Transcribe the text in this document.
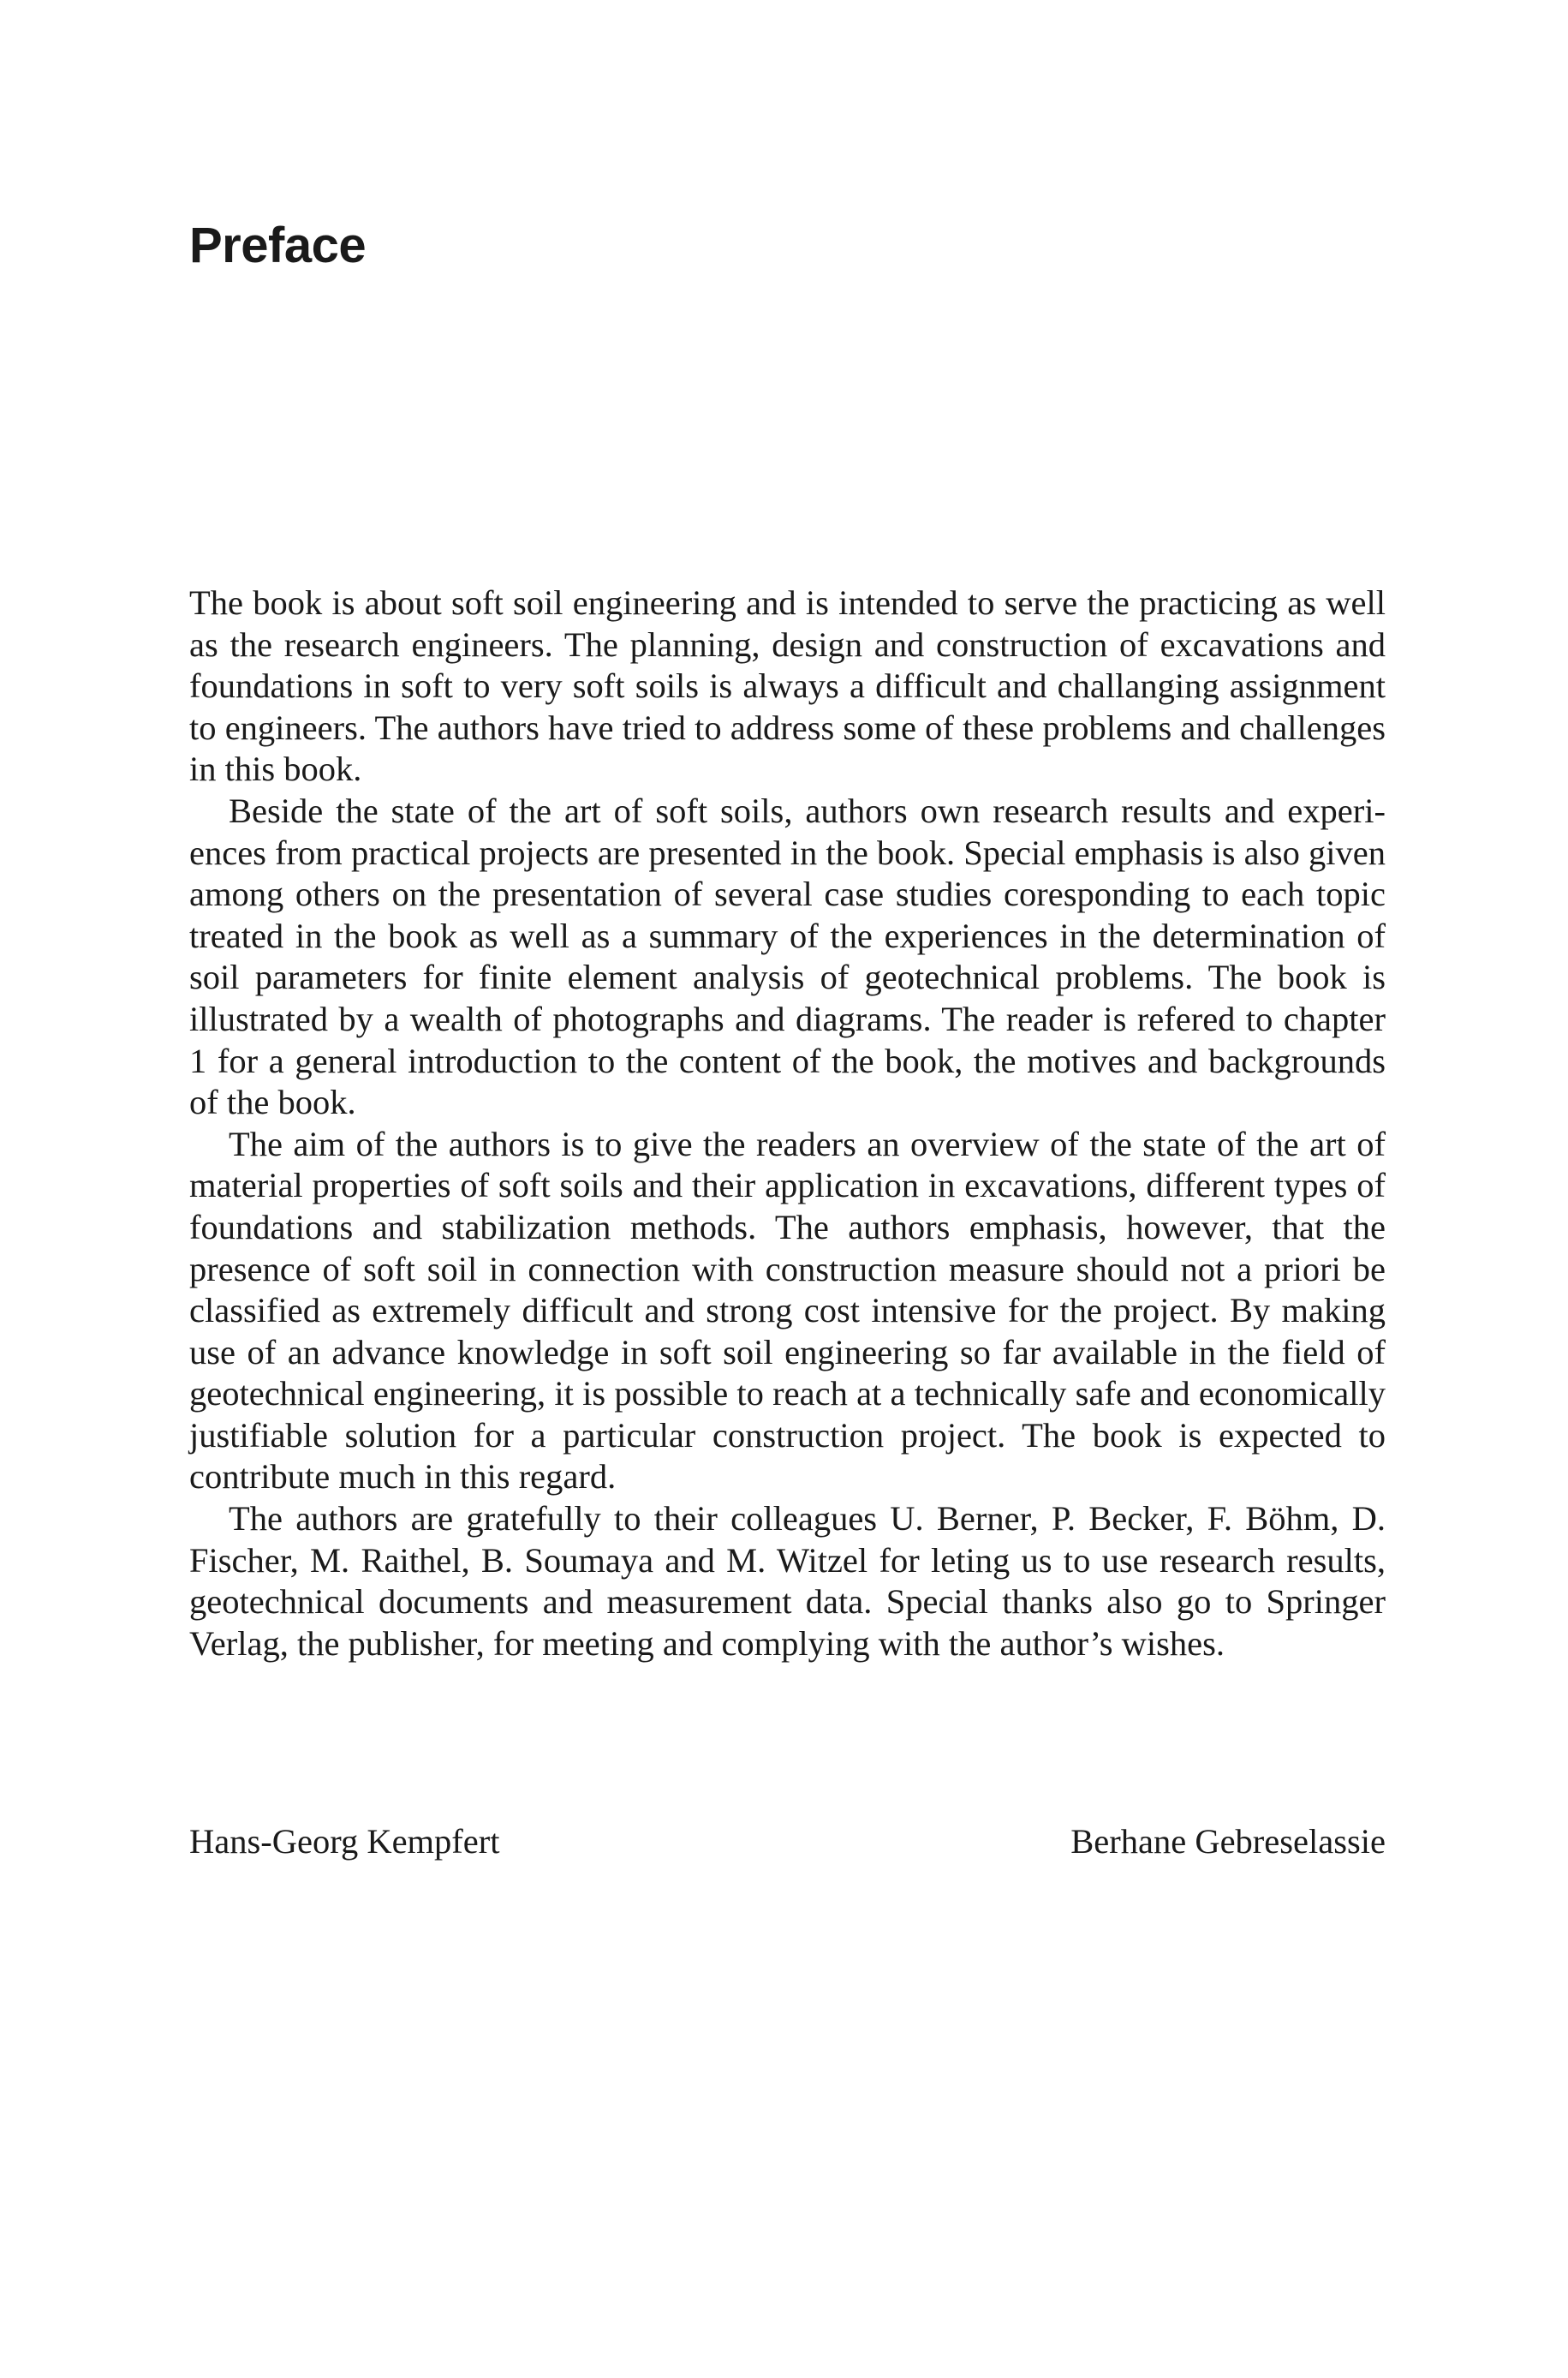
Preface

The book is about soft soil engineering and is intended to serve the practicing as well as the research engineers. The planning, design and construction of excavations and foundations in soft to very soft soils is always a difficult and challanging assignment to engineers. The authors have tried to address some of these problems and challenges in this book.

Beside the state of the art of soft soils, authors own research results and experiences from practical projects are presented in the book. Special emphasis is also given among others on the presentation of several case studies coresponding to each topic treated in the book as well as a summary of the experiences in the determination of soil parameters for finite element analysis of geotechnical problems. The book is illustrated by a wealth of photographs and diagrams. The reader is refered to chapter 1 for a general introduction to the content of the book, the motives and backgrounds of the book.

The aim of the authors is to give the readers an overview of the state of the art of material properties of soft soils and their application in excavations, different types of foundations and stabilization methods. The authors emphasis, however, that the presence of soft soil in connection with construction measure should not a priori be classified as extremely difficult and strong cost intensive for the project. By making use of an advance knowledge in soft soil engineering so far available in the field of geotechnical engineering, it is possible to reach at a technically safe and economically justifiable solution for a particular construction project. The book is expected to contribute much in this regard.

The authors are gratefully to their colleagues U. Berner, P. Becker, F. Böhm, D. Fischer, M. Raithel, B. Soumaya and M. Witzel for leting us to use research results, geotechnical documents and measurement data. Special thanks also go to Springer Verlag, the publisher, for meeting and complying with the author’s wishes.

Hans-Georg Kempfert	Berhane Gebreselassie
